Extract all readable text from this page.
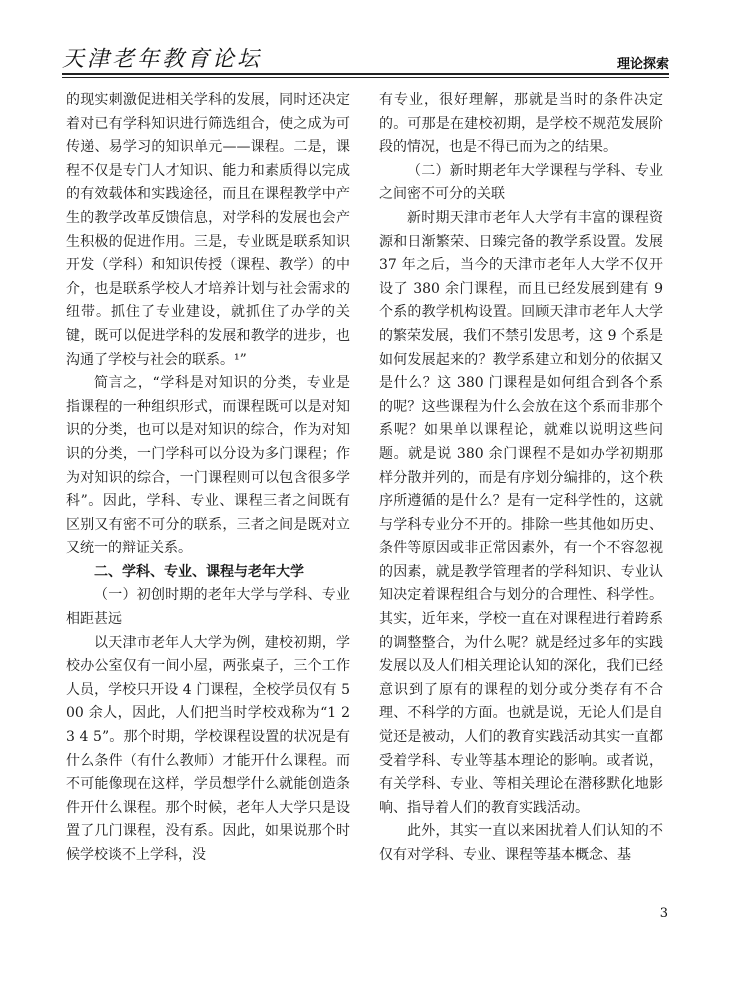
天津老年教育论坛	理论探索

的现实刺激促进相关学科的发展，同时还决定着对已有学科知识进行筛选组合，使之成为可传递、易学习的知识单元——课程。二是，课程不仅是专门人才知识、能力和素质得以完成的有效载体和实践途径，而且在课程教学中产生的教学改革反馈信息，对学科的发展也会产生积极的促进作用。三是，专业既是联系知识开发（学科）和知识传授（课程、教学）的中介，也是联系学校人才培养计划与社会需求的纽带。抓住了专业建设，就抓住了办学的关键，既可以促进学科的发展和教学的进步，也沟通了学校与社会的联系。¹”

简言之，“学科是对知识的分类，专业是指课程的一种组织形式，而课程既可以是对知识的分类，也可以是对知识的综合，作为对知识的分类，一门学科可以分设为多门课程；作为对知识的综合，一门课程则可以包含很多学科”。因此，学科、专业、课程三者之间既有区别又有密不可分的联系，三者之间是既对立又统一的辩证关系。

二、学科、专业、课程与老年大学

（一）初创时期的老年大学与学科、专业相距甚远

以天津市老年人大学为例，建校初期，学校办公室仅有一间小屋，两张桌子，三个工作人员，学校只开设 4 门课程，全校学员仅有 500 余人，因此，人们把当时学校戏称为“1 2 3 4 5”。那个时期，学校课程设置的状况是有什么条件（有什么教师）才能开什么课程。而不可能像现在这样，学员想学什么就能创造条件开什么课程。那个时候，老年人大学只是设置了几门课程，没有系。因此，如果说那个时候学校谈不上学科，没

有专业，很好理解，那就是当时的条件决定的。可那是在建校初期，是学校不规范发展阶段的情况，也是不得已而为之的结果。

（二）新时期老年大学课程与学科、专业之间密不可分的关联

新时期天津市老年人大学有丰富的课程资源和日渐繁荣、日臻完备的教学系设置。发展 37 年之后，当今的天津市老年人大学不仅开设了 380 余门课程，而且已经发展到建有 9 个系的教学机构设置。回顾天津市老年人大学的繁荣发展，我们不禁引发思考，这 9 个系是如何发展起来的？教学系建立和划分的依据又是什么？这 380 门课程是如何组合到各个系的呢？这些课程为什么会放在这个系而非那个系呢？如果单以课程论，就难以说明这些问题。就是说 380 余门课程不是如办学初期那样分散并列的，而是有序划分编排的，这个秩序所遵循的是什么？是有一定科学性的，这就与学科专业分不开的。排除一些其他如历史、条件等原因或非正常因素外，有一个不容忽视的因素，就是教学管理者的学科知识、专业认知决定着课程组合与划分的合理性、科学性。其实，近年来，学校一直在对课程进行着跨系的调整整合，为什么呢？就是经过多年的实践发展以及人们相关理论认知的深化，我们已经意识到了原有的课程的划分或分类存有不合理、不科学的方面。也就是说，无论人们是自觉还是被动，人们的教育实践活动其实一直都受着学科、专业等基本理论的影响。或者说，有关学科、专业、等相关理论在潜移默化地影响、指导着人们的教育实践活动。

此外，其实一直以来困扰着人们认知的不仅有对学科、专业、课程等基本概念、基

3
